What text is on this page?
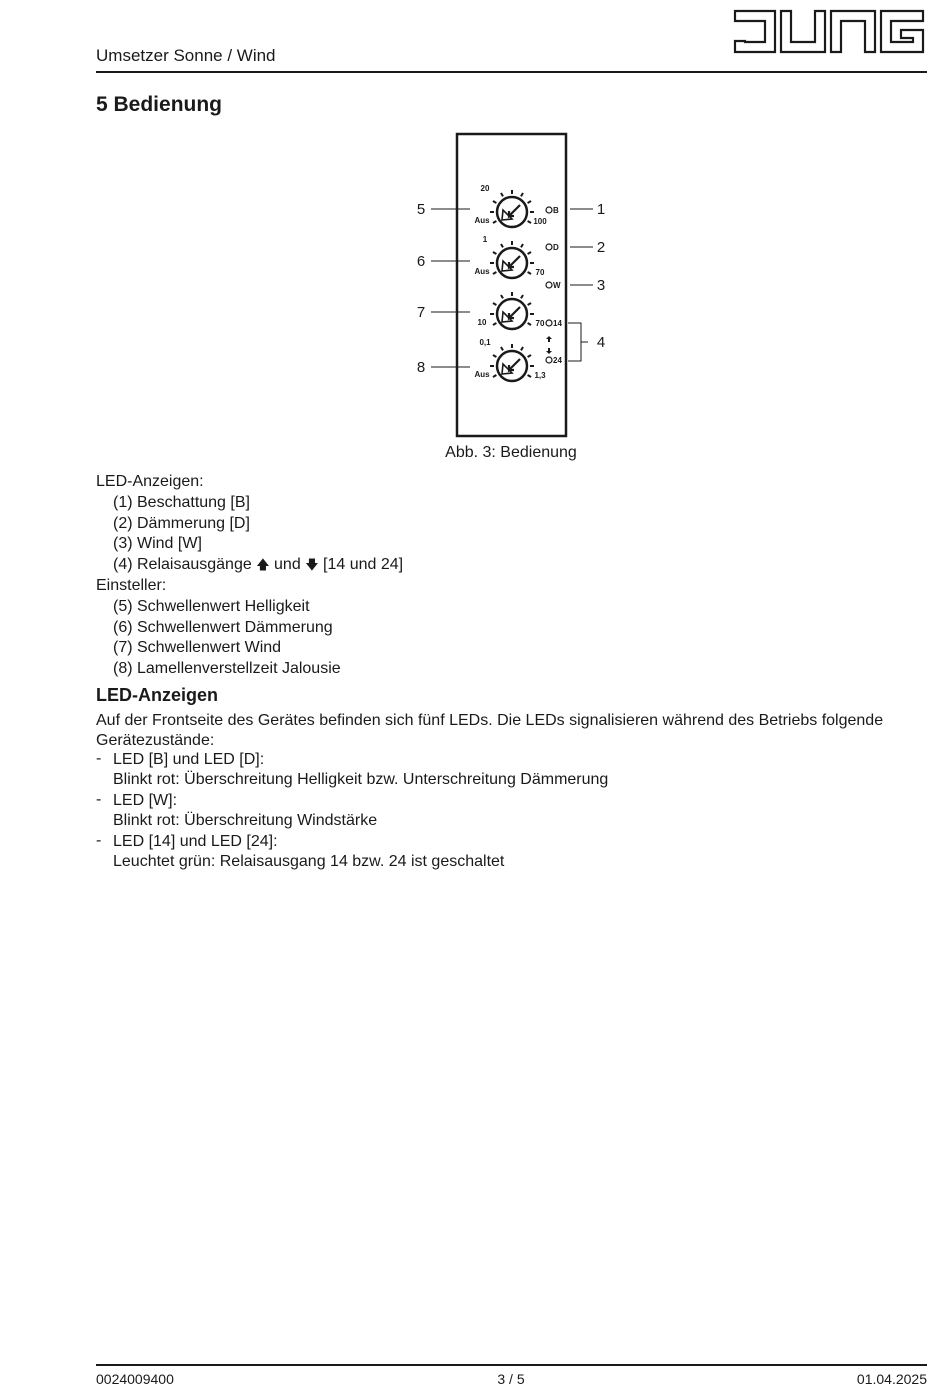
Umsetzer Sonne / Wind
5 Bedienung
20
Aus	100
1
Aus	70
10	70
0,1
Aus	1,3
B
D
W
14
24
5
6
7
8
1
2
3
4
Abb. 3: Bedienung
LED-Anzeigen:
(1) Beschattung [B]
(2) Dämmerung [D]
(3) Wind [W]
(4) Relaisausgänge 🡅 und 🡇 [14 und 24]
Einsteller:
(5) Schwellenwert Helligkeit
(6) Schwellenwert Dämmerung
(7) Schwellenwert Wind
(8) Lamellenverstellzeit Jalousie
LED-Anzeigen
Auf der Frontseite des Gerätes befinden sich fünf LEDs. Die LEDs signalisieren während des Betriebs folgende Gerätezustände:
- LED [B] und LED [D]:
Blinkt rot: Überschreitung Helligkeit bzw. Unterschreitung Dämmerung
- LED [W]:
Blinkt rot: Überschreitung Windstärke
- LED [14] und LED [24]:
Leuchtet grün: Relaisausgang 14 bzw. 24 ist geschaltet
0024009400	3 / 5	01.04.2025
